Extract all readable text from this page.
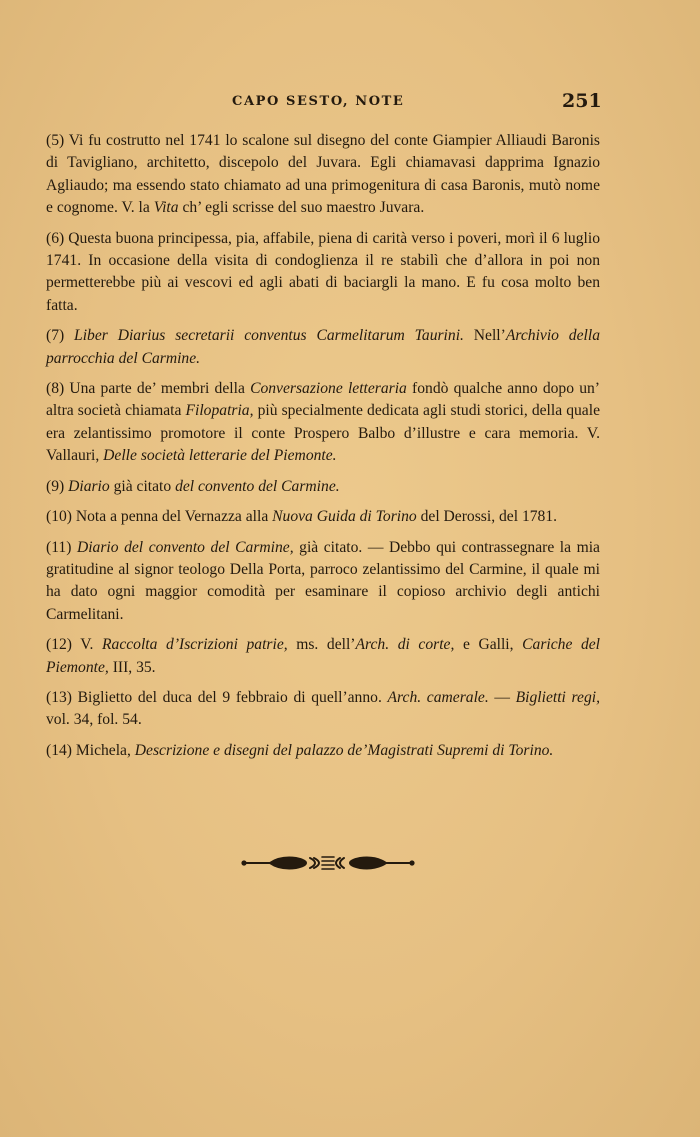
CAPO SESTO, NOTE	251

(5) Vi fu costrutto nel 1741 lo scalone sul disegno del conte Giampier Alliaudi Baronis di Tavigliano, architetto, discepolo del Juvara. Egli chiamavasi dapprima Ignazio Agliaudo; ma essendo stato chiamato ad una primogenitura di casa Baronis, mutò nome e cognome. V. la Vita ch’ egli scrisse del suo maestro Juvara.

(6) Questa buona principessa, pia, affabile, piena di carità verso i poveri, morì il 6 luglio 1741. In occasione della visita di condoglienza il re stabilì che d’allora in poi non permetterebbe più ai vescovi ed agli abati di baciargli la mano. E fu cosa molto ben fatta.

(7) Liber Diarius secretarii conventus Carmelitarum Taurini. Nell’Archivio della parrocchia del Carmine.

(8) Una parte de’ membri della Conversazione letteraria fondò qualche anno dopo un’ altra società chiamata Filopatria, più specialmente dedicata agli studi storici, della quale era zelantissimo promotore il conte Prospero Balbo d’illustre e cara memoria. V. Vallauri, Delle società letterarie del Piemonte.

(9) Diario già citato del convento del Carmine.

(10) Nota a penna del Vernazza alla Nuova Guida di Torino del Derossi, del 1781.

(11) Diario del convento del Carmine, già citato. — Debbo qui contrassegnare la mia gratitudine al signor teologo Della Porta, parroco zelantissimo del Carmine, il quale mi ha dato ogni maggior comodità per esaminare il copioso archivio degli antichi Carmelitani.

(12) V. Raccolta d’Iscrizioni patrie, ms. dell’Arch. di corte, e Galli, Cariche del Piemonte, III, 35.

(13) Biglietto del duca del 9 febbraio di quell’anno. Arch. camerale. — Biglietti regi, vol. 34, fol. 54.

(14) Michela, Descrizione e disegni del palazzo de’Magistrati Supremi di Torino.
